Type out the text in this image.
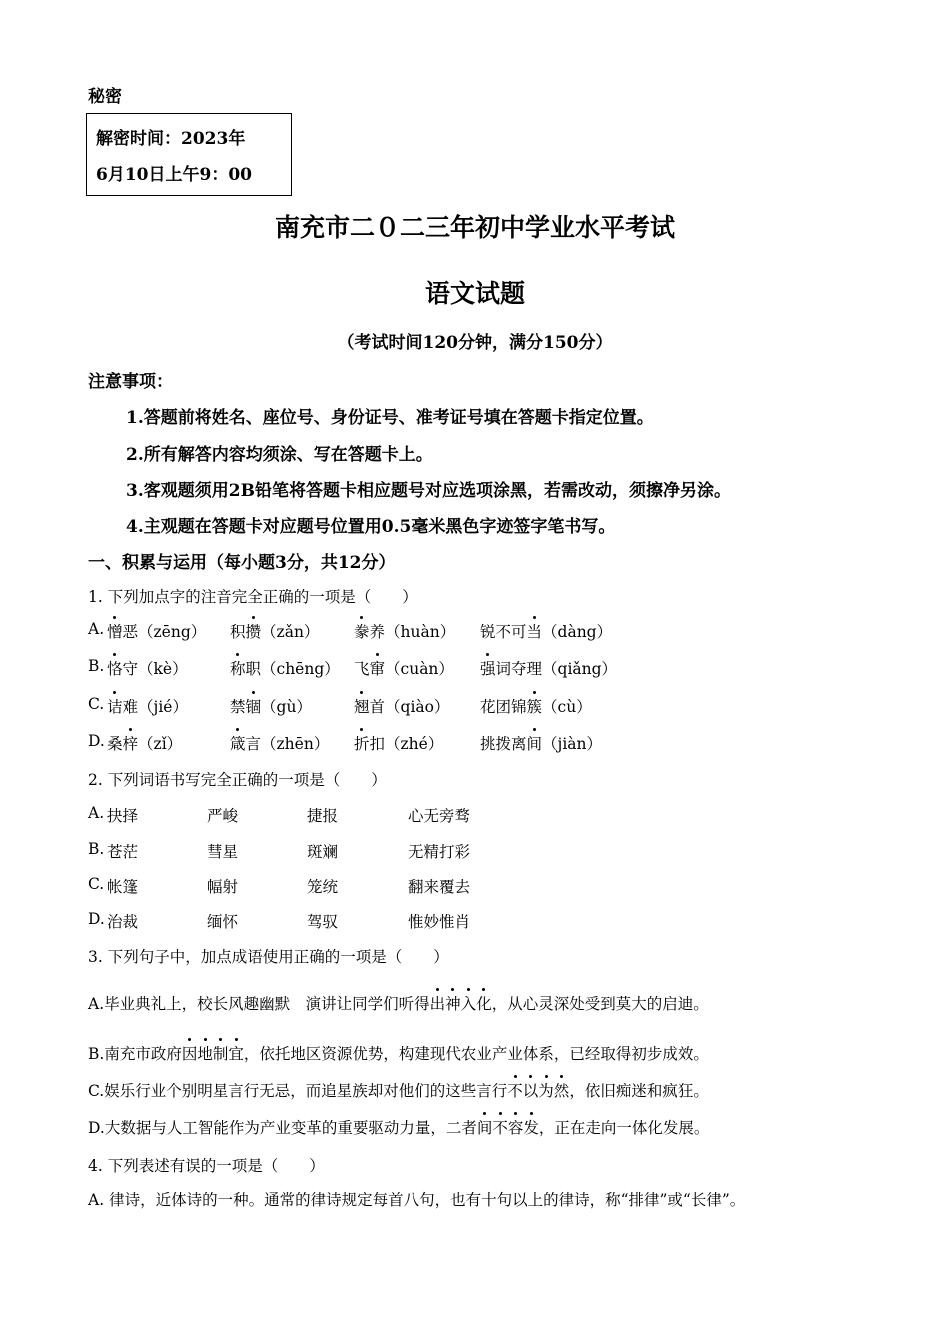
秘密
解密时间：2023年
6月10日上午9：00
南充市二０二三年初中学业水平考试
语文试题
（考试时间120分钟，满分150分）
注意事项：
1.答题前将姓名、座位号、身份证号、准考证号填在答题卡指定位置。
2.所有解答内容均须涂、写在答题卡上。
3.客观题须用2B铅笔将答题卡相应题号对应选项涂黑，若需改动，须擦净另涂。
4.主观题在答题卡对应题号位置用0.5毫米黑色字迹签字笔书写。
一、积累与运用（每小题3分，共12分）
1. 下列加点字的注音完全正确的一项是（　　）
A. 憎恶（zēng） 积攒（zǎn） 豢养（huàn） 锐不可当（dàng）
B. 恪守（kè）	称职（chēng） 飞窜（cuàn） 强词夺理（qiǎng）
C. 诘难（jié）	禁锢（gù）	翘首（qiào） 花团锦簇（cù）
D. 桑梓（zǐ）	箴言（zhēn） 折扣（zhé） 挑拨离间（jiàn）
2. 下列词语书写完全正确的一项是（　　）
A. 抉择	严峻	捷报	心无旁骛
B. 苍茫	彗星	斑斓	无精打彩
C. 帐篷	幅射	笼统	翻来覆去
D. 治裁	缅怀	驾驭	惟妙惟肖
3. 下列句子中，加点成语使用正确的一项是（　　）
A.毕业典礼上，校长风趣幽默　演讲让同学们听得出神入化，从心灵深处受到莫大的启迪。
B.南充市政府因地制宜，依托地区资源优势，构建现代农业产业体系，已经取得初步成效。
C.娱乐行业个别明星言行无忌，而追星族却对他们的这些言行不以为然，依旧痴迷和疯狂。
D.大数据与人工智能作为产业变革的重要驱动力量，二者间不容发，正在走向一体化发展。
4. 下列表述有误的一项是（　　）
A. 律诗，近体诗的一种。通常的律诗规定每首八句，也有十句以上的律诗，称“排律”或“长律”。
